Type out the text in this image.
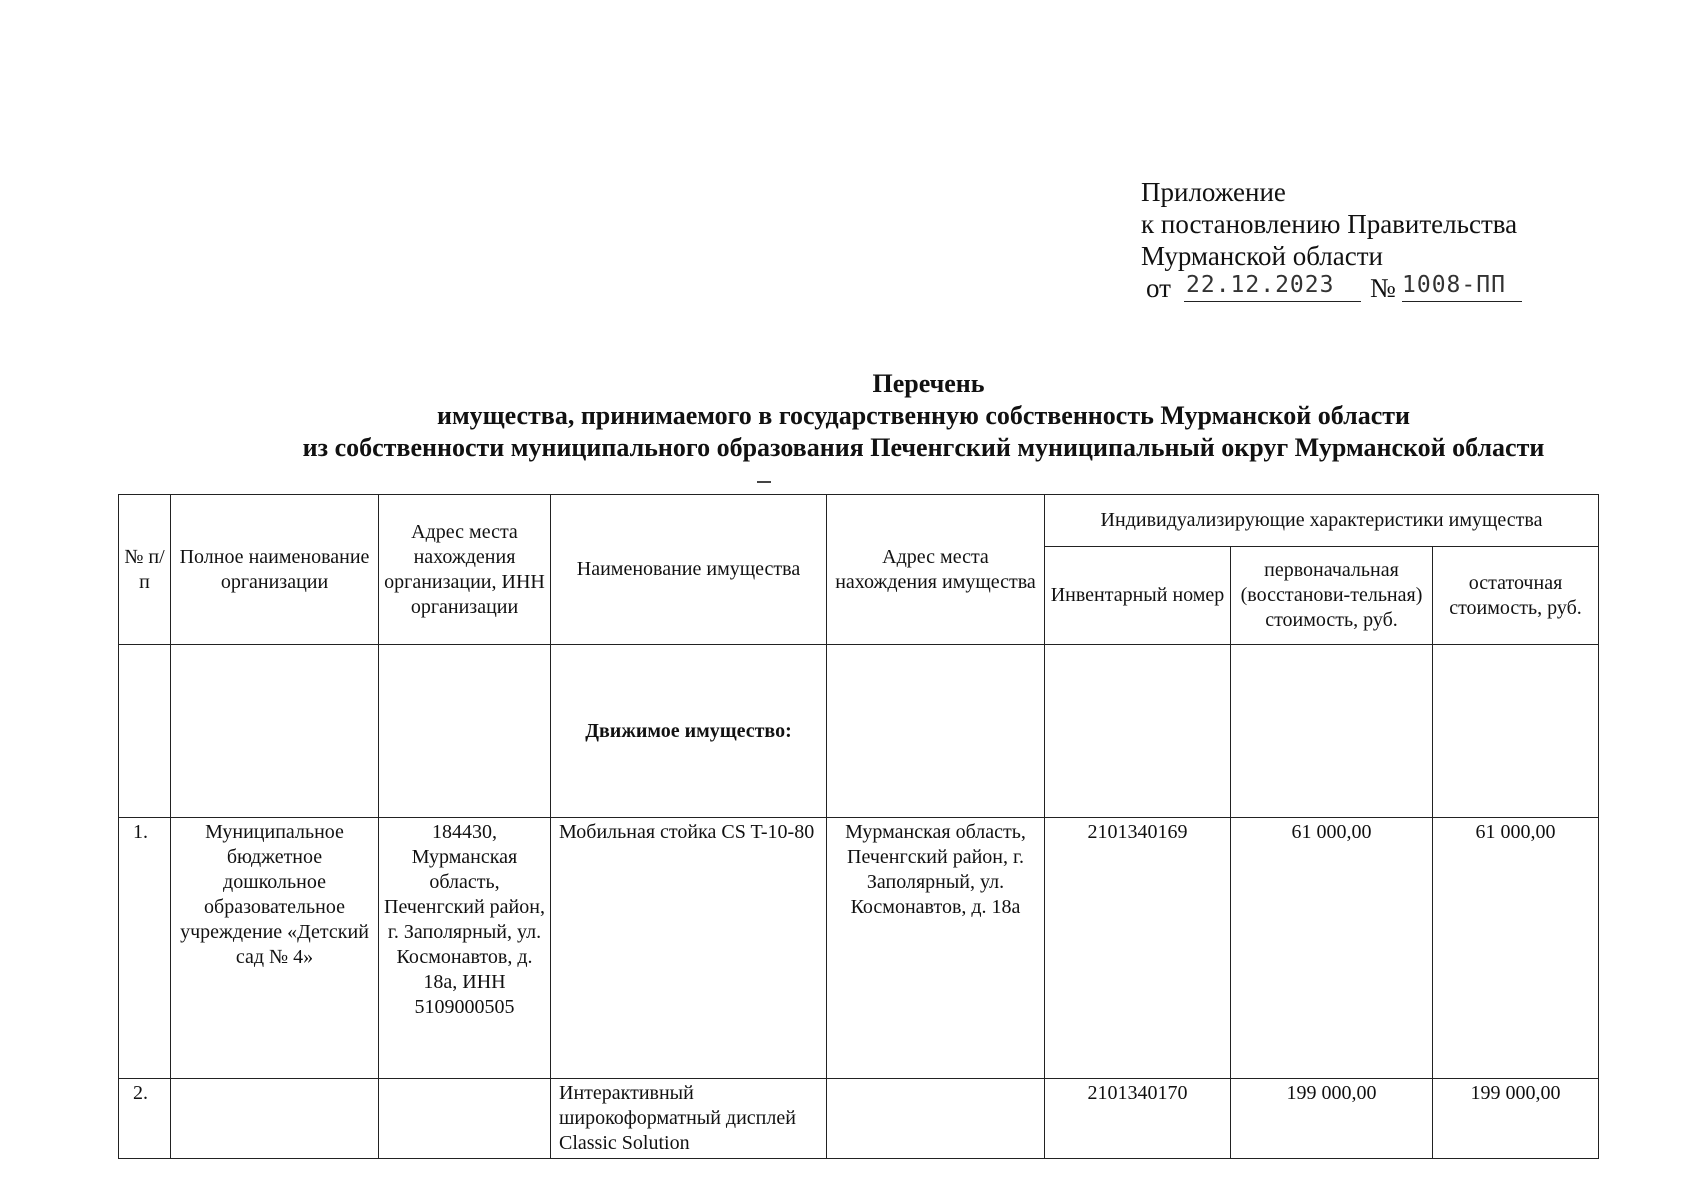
Приложение
к постановлению Правительства
Мурманской области
от 22.12.2023	№ 1008-ПП
Перечень
имущества, принимаемого в государственную собственность Мурманской области
из собственности муниципального образования Печенгский муниципальный округ Мурманской области
№ п/п	Полное наименование организации	Адрес места нахождения организации, ИНН организации	Наименование имущества	Адрес места нахождения имущества	Индивидуализирующие характеристики имущества		
					Инвентарный номер	первоначальная (восстанови-тельная) стоимость, руб.	остаточная стоимость, руб.
			Движимое имущество:				
1.	Муниципальное бюджетное дошкольное образовательное учреждение «Детский сад № 4»	184430, Мурманская область, Печенгский район, г. Заполярный, ул. Космонавтов, д. 18а, ИНН 5109000505	Мобильная стойка CS T-10-80	Мурманская область, Печенгский район, г. Заполярный, ул. Космонавтов, д. 18а	2101340169	61 000,00	61 000,00
2.			Интерактивный широкоформатный дисплей Classic Solution		2101340170	199 000,00	199 000,00
